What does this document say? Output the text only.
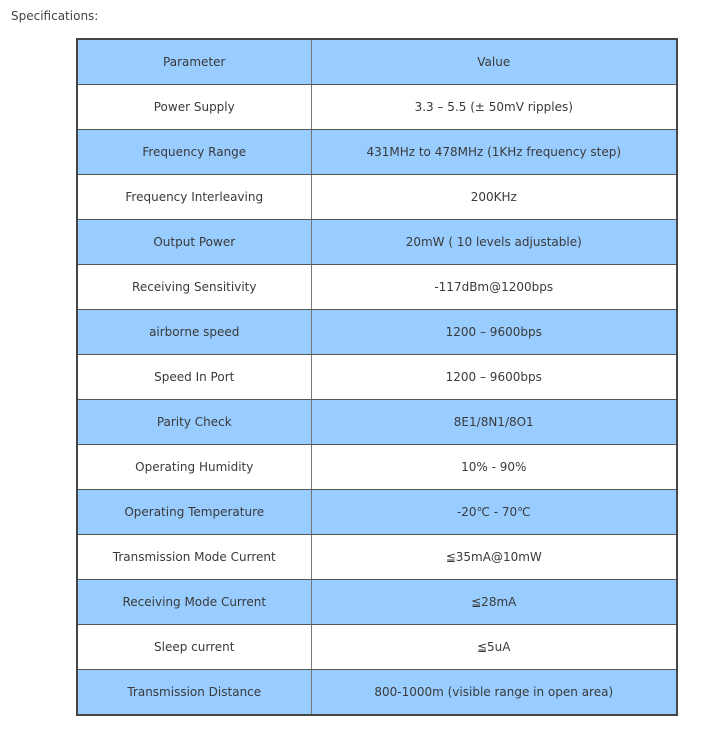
Specifications:

Parameter	Value
Power Supply	3.3 – 5.5 (± 50mV ripples)
Frequency Range	431MHz to 478MHz (1KHz frequency step)
Frequency Interleaving	200KHz
Output Power	20mW ( 10 levels adjustable)
Receiving Sensitivity	-117dBm@1200bps
airborne speed	1200 – 9600bps
Speed In Port	1200 – 9600bps
Parity Check	8E1/8N1/8O1
Operating Humidity	10% - 90%
Operating Temperature	-20℃ - 70℃
Transmission Mode Current	≦35mA@10mW
Receiving Mode Current	≦28mA
Sleep current	≦5uA
Transmission Distance	800-1000m (visible range in open area)
